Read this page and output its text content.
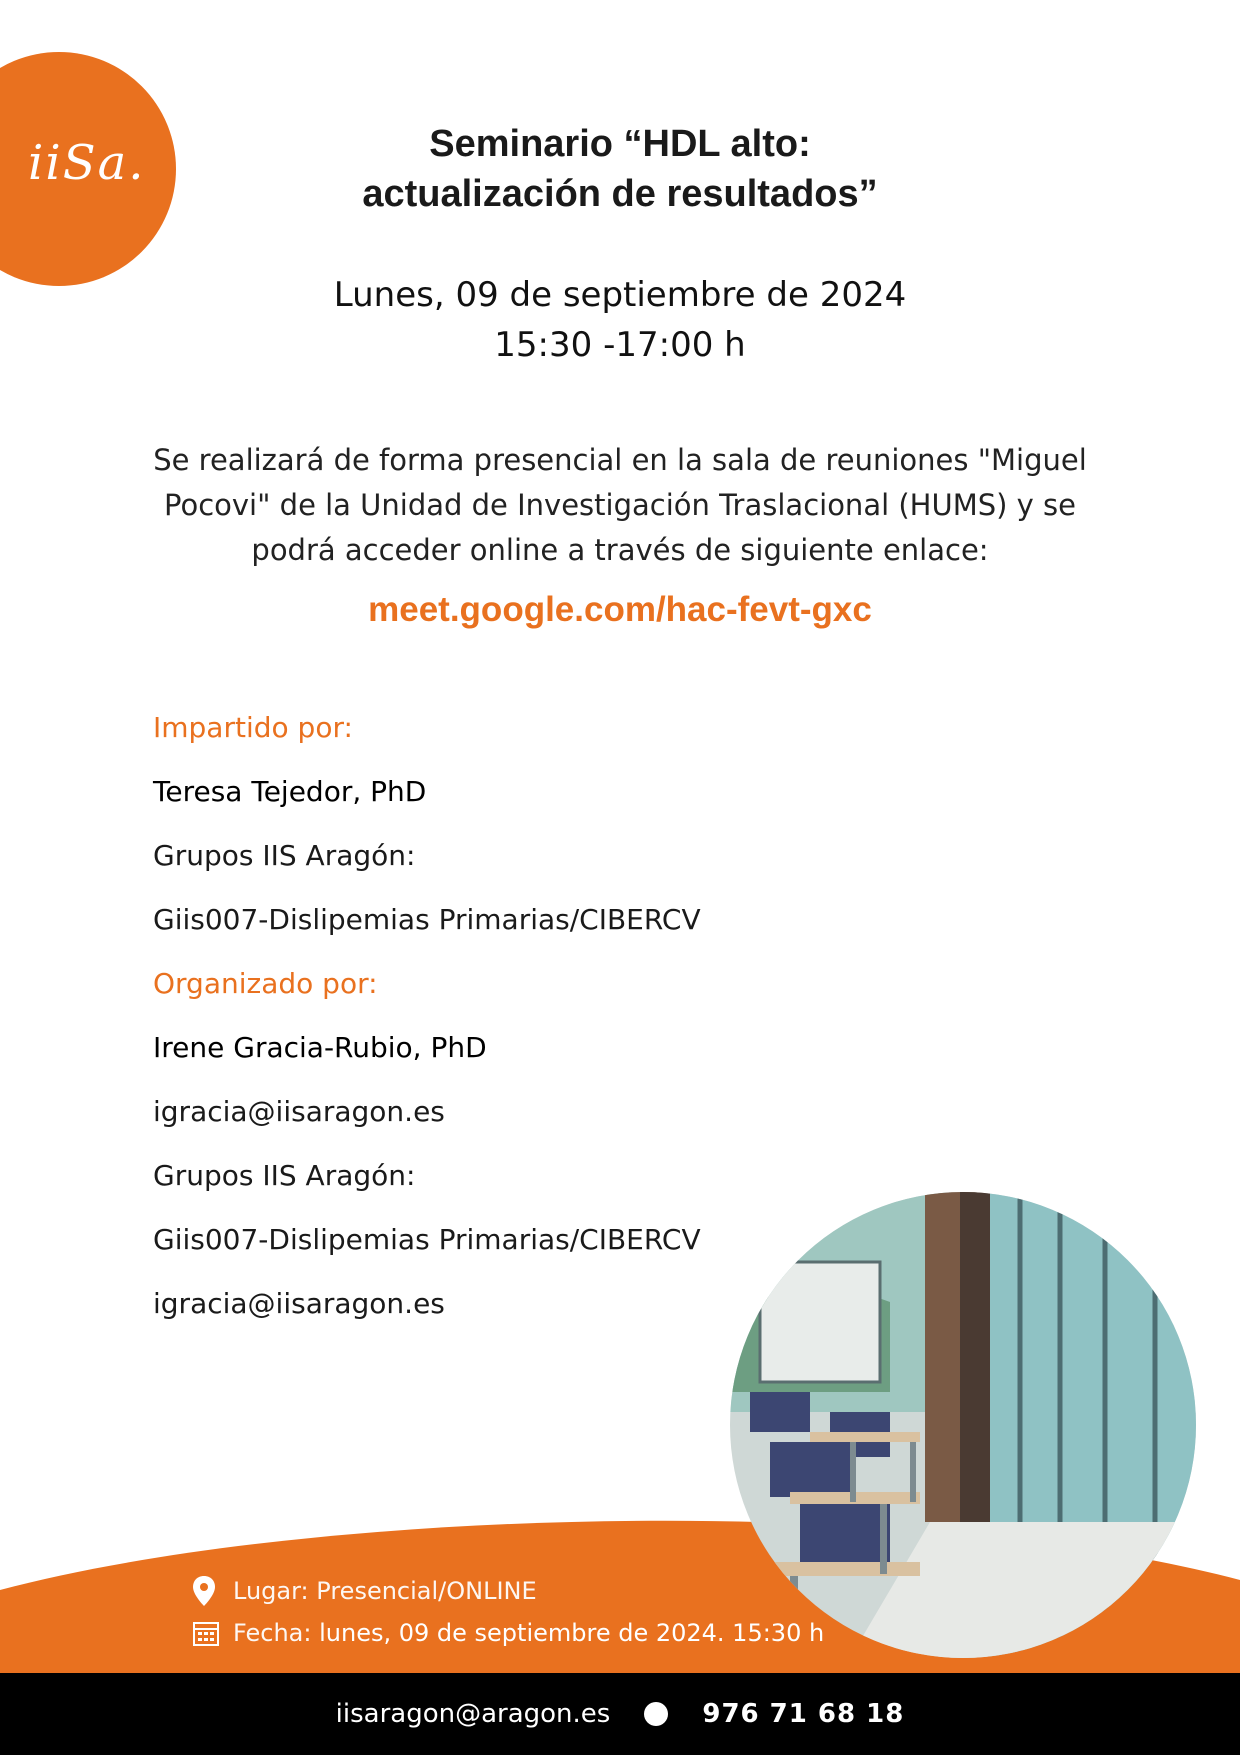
iiSa.	Seminario “HDL alto:
actualización de resultados”
Lunes, 09 de septiembre de 2024
15:30 -17:00 h
Se realizará de forma presencial en la sala de reuniones "Miguel
Pocovi" de la Unidad de Investigación Traslacional (HUMS) y se
podrá acceder online a través de siguiente enlace:
meet.google.com/hac-fevt-gxc
Impartido por:
Teresa Tejedor, PhD
Grupos IIS Aragón:
Giis007-Dislipemias Primarias/CIBERCV
Organizado por:
Irene Gracia-Rubio, PhD
igracia@iisaragon.es
Grupos IIS Aragón:
Giis007-Dislipemias Primarias/CIBERCV
igracia@iisaragon.es
Lugar:
Presencial/ONLINE
Fecha:
lunes, 09 de septiembre de 2024. 15:30 h
iisaragon@aragon.es	976 71 68 18
